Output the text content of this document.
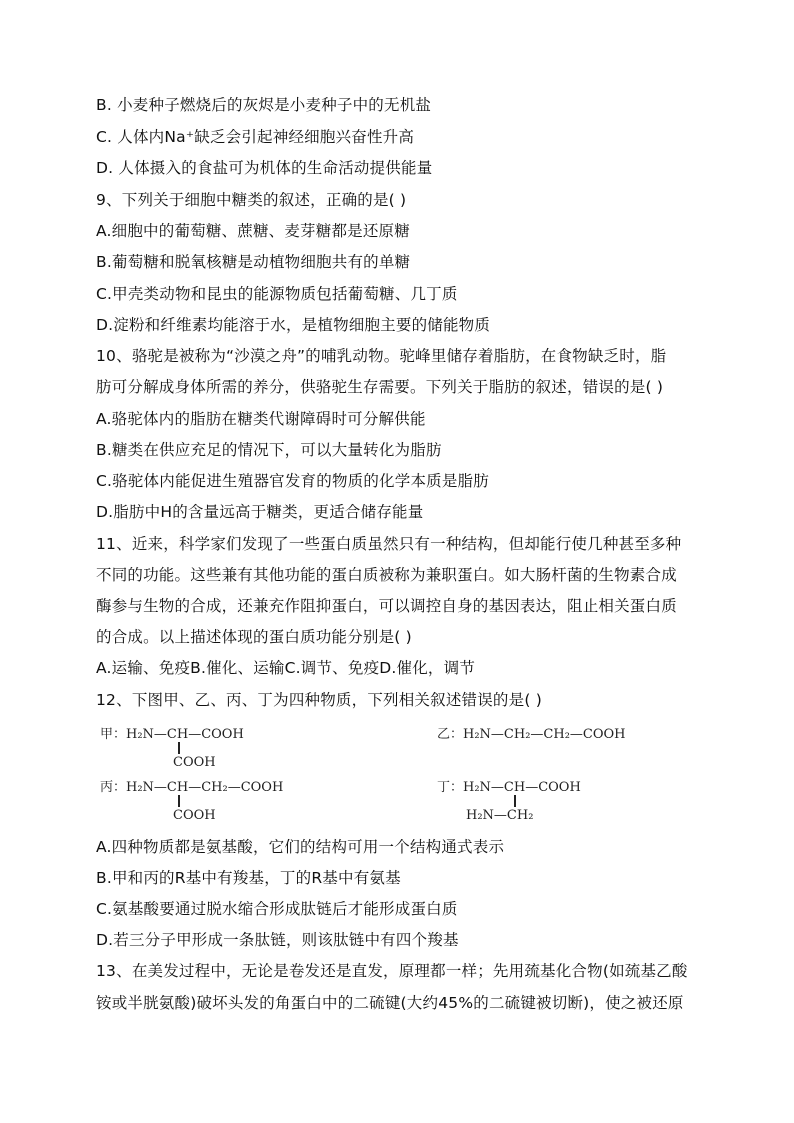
B. 小麦种子燃烧后的灰烬是小麦种子中的无机盐
C. 人体内Na⁺缺乏会引起神经细胞兴奋性升高
D. 人体摄入的食盐可为机体的生命活动提供能量
9、下列关于细胞中糖类的叙述，正确的是( )
A.细胞中的葡萄糖、蔗糖、麦芽糖都是还原糖
B.葡萄糖和脱氧核糖是动植物细胞共有的单糖
C.甲壳类动物和昆虫的能源物质包括葡萄糖、几丁质
D.淀粉和纤维素均能溶于水，是植物细胞主要的储能物质
10、骆驼是被称为“沙漠之舟”的哺乳动物。驼峰里储存着脂肪，在食物缺乏时，脂
肪可分解成身体所需的养分，供骆驼生存需要。下列关于脂肪的叙述，错误的是( )
A.骆驼体内的脂肪在糖类代谢障碍时可分解供能
B.糖类在供应充足的情况下，可以大量转化为脂肪
C.骆驼体内能促进生殖器官发育的物质的化学本质是脂肪
D.脂肪中H的含量远高于糖类，更适合储存能量
11、近来，科学家们发现了一些蛋白质虽然只有一种结构，但却能行使几种甚至多种
不同的功能。这些兼有其他功能的蛋白质被称为兼职蛋白。如大肠杆菌的生物素合成
酶参与生物的合成，还兼充作阻抑蛋白，可以调控自身的基因表达，阻止相关蛋白质
的合成。以上描述体现的蛋白质功能分别是( )
A.运输、免疫B.催化、运输C.调节、免疫D.催化，调节
12、下图甲、乙、丙、丁为四种物质，下列相关叙述错误的是( )
甲：H₂N—CH—COOH
COOH
乙：H₂N—CH₂—CH₂—COOH
丙：H₂N—CH—CH₂—COOH
COOH
丁：H₂N—CH—COOH
H₂N—CH₂
A.四种物质都是氨基酸，它们的结构可用一个结构通式表示
B.甲和丙的R基中有羧基，丁的R基中有氨基
C.氨基酸要通过脱水缩合形成肽链后才能形成蛋白质
D.若三分子甲形成一条肽链，则该肽链中有四个羧基
13、在美发过程中，无论是卷发还是直发，原理都一样；先用巯基化合物(如巯基乙酸
铵或半胱氨酸)破坏头发的角蛋白中的二硫键(大约45%的二硫键被切断)，使之被还原
